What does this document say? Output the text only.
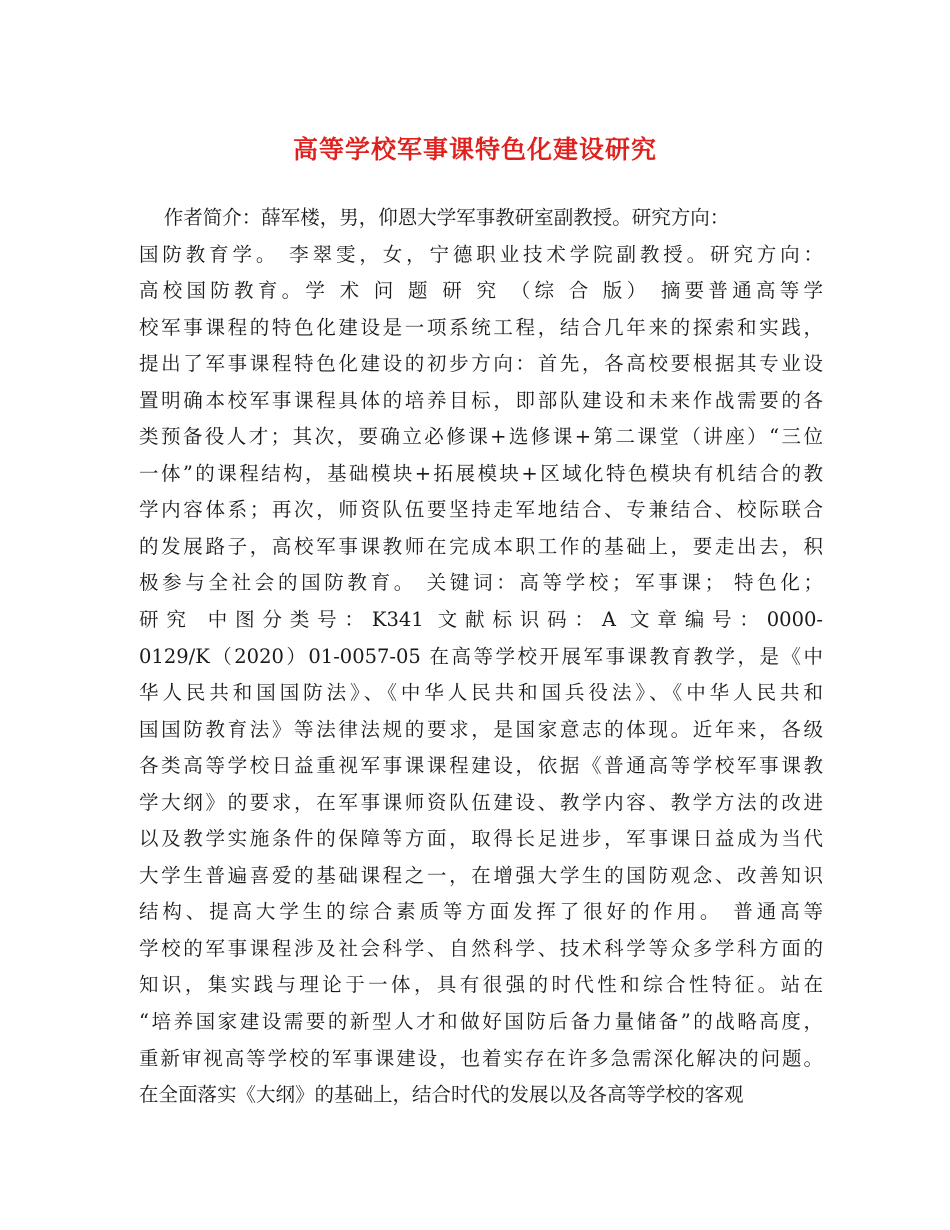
高等学校军事课特色化建设研究
作者简介：薛军楼，男，仰恩大学军事教研室副教授。研究方向：
国防教育学。 李翠雯，女，宁德职业技术学院副教授。研究方向：
高校国防教育。学 术 问 题 研 究 （综 合 版） 摘要普通高等学
校军事课程的特色化建设是一项系统工程，结合几年来的探索和实践，
提出了军事课程特色化建设的初步方向：首先，各高校要根据其专业设
置明确本校军事课程具体的培养目标，即部队建设和未来作战需要的各
类预备役人才；其次，要确立必修课+选修课+第二课堂（讲座）“三位
一体”的课程结构，基础模块+拓展模块+区域化特色模块有机结合的教
学内容体系；再次，师资队伍要坚持走军地结合、专兼结合、校际联合
的发展路子，高校军事课教师在完成本职工作的基础上，要走出去，积
极参与全社会的国防教育。 关键词：高等学校；军事课； 特色化；
研究 中图分类号：K341 文献标识码：A 文章编号：0000-
0129/K（2020）01-0057-05 在高等学校开展军事课教育教学，是《中
华人民共和国国防法》、《中华人民共和国兵役法》、《中华人民共和
国国防教育法》等法律法规的要求，是国家意志的体现。近年来，各级
各类高等学校日益重视军事课课程建设，依据《普通高等学校军事课教
学大纲》的要求，在军事课师资队伍建设、教学内容、教学方法的改进
以及教学实施条件的保障等方面，取得长足进步，军事课日益成为当代
大学生普遍喜爱的基础课程之一，在增强大学生的国防观念、改善知识
结构、提高大学生的综合素质等方面发挥了很好的作用。 普通高等
学校的军事课程涉及社会科学、自然科学、技术科学等众多学科方面的
知识，集实践与理论于一体，具有很强的时代性和综合性特征。站在
“培养国家建设需要的新型人才和做好国防后备力量储备”的战略高度，
重新审视高等学校的军事课建设，也着实存在许多急需深化解决的问题。
在全面落实《大纲》的基础上，结合时代的发展以及各高等学校的客观
